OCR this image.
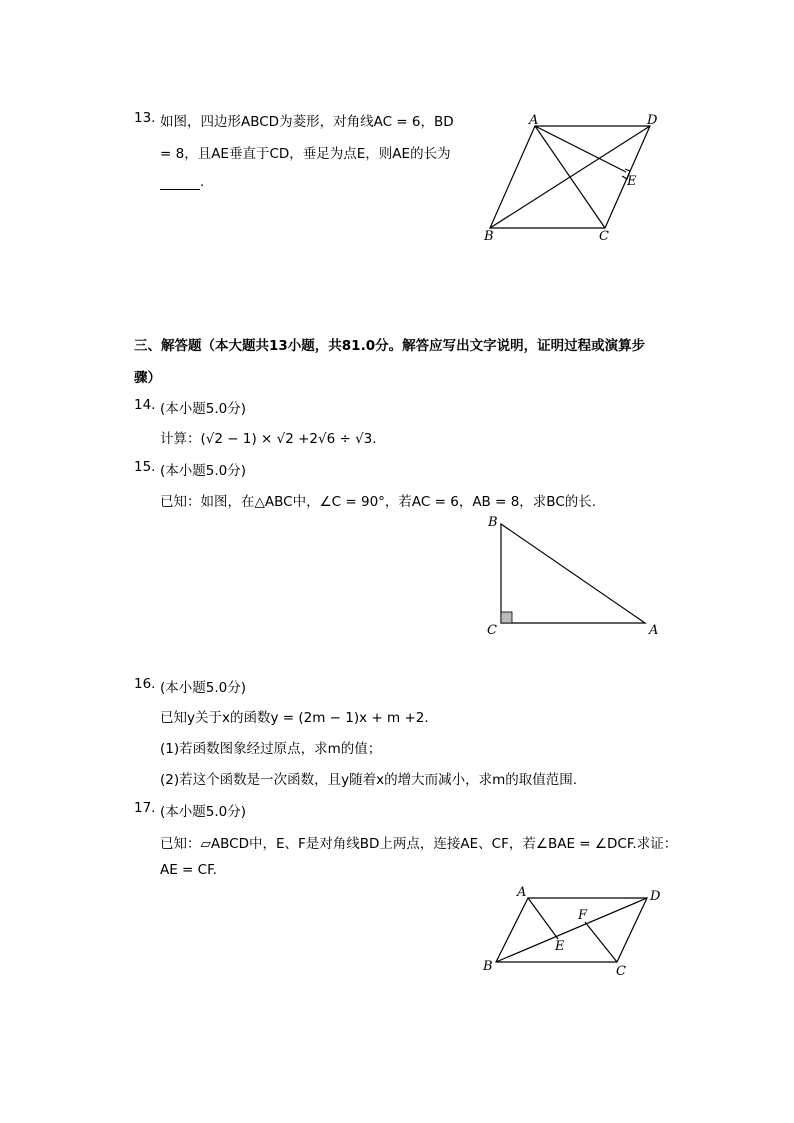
13. 如图，四边形ABCD为菱形，对角线AC = 6，BD
= 8，且AE垂直于CD，垂足为点E，则AE的长为
.
A	D
E
B	C
三、解答题（本大题共13小题，共81.0分。解答应写出文字说明，证明过程或演算步
骤）
14. (本小题5.0分)
计算：(√2 − 1) × √2 +2√6 ÷ √3.
15. (本小题5.0分)
已知：如图，在△ABC中，∠C = 90°，若AC = 6，AB = 8，求BC的长.
B
C	A
16. (本小题5.0分)
已知y关于x的函数y = (2m − 1)x + m +2.
(1)若函数图象经过原点，求m的值；
(2)若这个函数是一次函数，且y随着x的增大而减小，求m的取值范围.
17. (本小题5.0分)
已知：▱ABCD中，E、F是对角线BD上两点，连接AE、CF，若∠BAE = ∠DCF.求证：
AE = CF.
A	D
F
E
B	C
